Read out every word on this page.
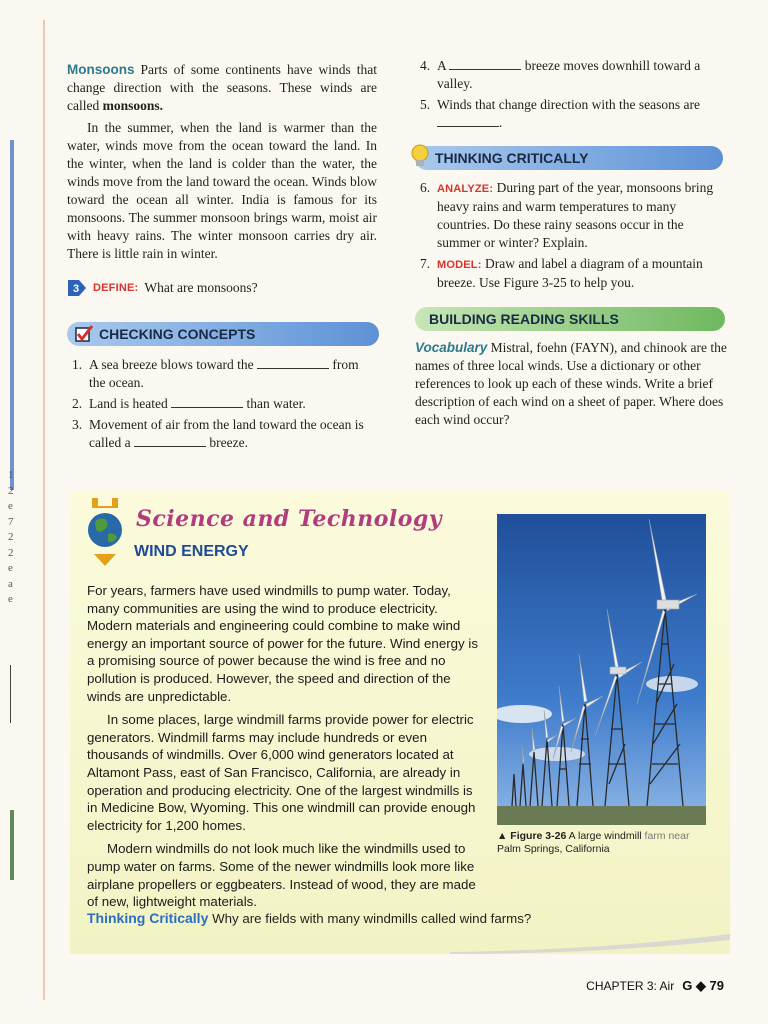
1
2
e
7
2
2
e
a
e

Monsoons Parts of some continents have winds that change direction with the seasons. These winds are called monsoons.

In the summer, when the land is warmer than the water, winds move from the ocean toward the land. In the winter, when the land is colder than the water, the winds move from the land toward the ocean. Winds blow toward the ocean all winter. India is famous for its monsoons. The summer monsoon brings warm, moist air with heavy rains. The winter monsoon carries dry air. There is little rain in winter.

3 DEFINE: What are monsoons?
CHECKING CONCEPTS
1. A sea breeze blows toward the	from the ocean.
2. Land is heated	than water.
3. Movement of air from the land toward the ocean is called a	breeze.
4. A	breeze moves downhill toward a valley.
5. Winds that change direction with the seasons are .
THINKING CRITICALLY
6. ANALYZE: During part of the year, monsoons bring heavy rains and warm temperatures to many countries. Do these rainy seasons occur in the summer or winter? Explain.
7. MODEL: Draw and label a diagram of a mountain breeze. Use Figure 3-25 to help you.
BUILDING READING SKILLS

Vocabulary Mistral, foehn (FAYN), and chinook are the names of three local winds. Use a dictionary or other references to look up each of these winds. Write a brief description of each wind on a sheet of paper. Where does each wind occur?

Science and Technology
WIND ENERGY

For years, farmers have used windmills to pump water. Today, many communities are using the wind to produce electricity. Modern materials and engineering could combine to make wind energy an important source of power for the future. Wind energy is a promising source of power because the wind is free and no pollution is produced. However, the speed and direction of the winds are unpredictable.

In some places, large windmill farms provide power for electric generators. Windmill farms may include hundreds or even thousands of windmills. Over 6,000 wind generators located at Altamont Pass, east of San Francisco, California, are already in operation and producing electricity. One of the largest windmills is in Medicine Bow, Wyoming. This one windmill can provide enough electricity for 1,200 homes.

Modern windmills do not look much like the windmills used to pump water on farms. Some of the newer windmills look more like airplane propellers or eggbeaters. Instead of wood, they are made of new, lightweight materials.

▲ Figure 3-26 A large windmill farm near
Palm Springs, California
Thinking Critically Why are fields with many windmills called wind farms?
CHAPTER 3: Air G ◆ 79
